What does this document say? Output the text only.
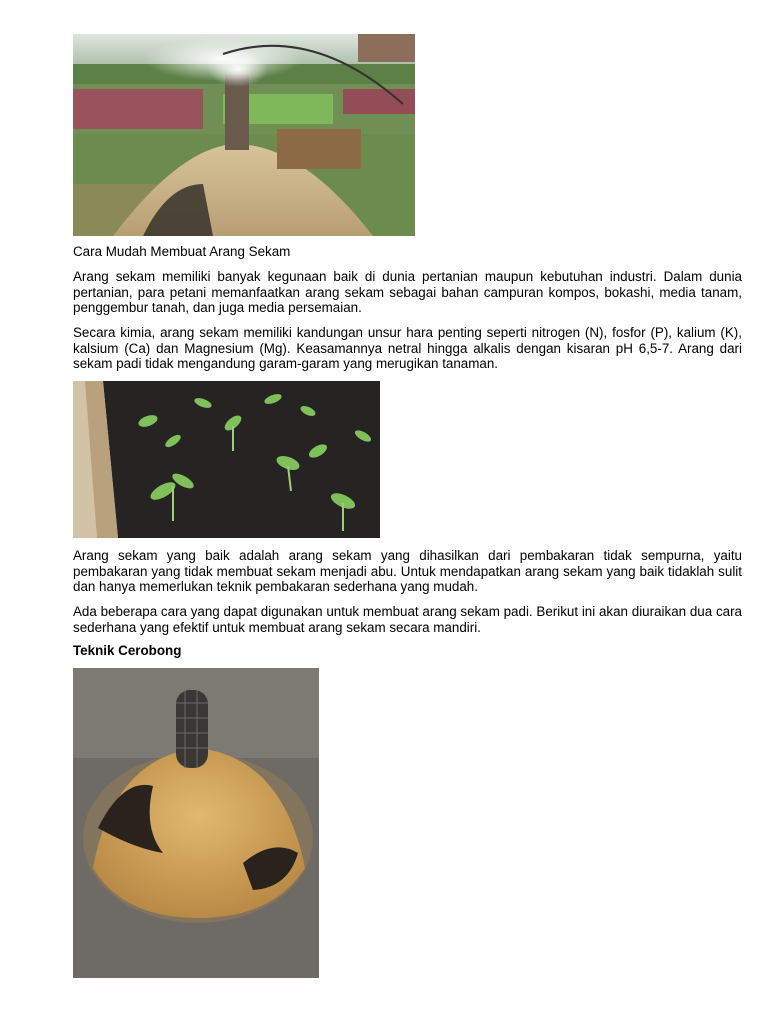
Cara Mudah Membuat Arang Sekam

Arang sekam memiliki banyak kegunaan baik di dunia pertanian maupun kebutuhan industri. Dalam dunia pertanian, para petani memanfaatkan arang sekam sebagai bahan campuran kompos, bokashi, media tanam, penggembur tanah, dan juga media persemaian.

Secara kimia, arang sekam memiliki kandungan unsur hara penting seperti nitrogen (N), fosfor (P), kalium (K), kalsium (Ca) dan Magnesium (Mg). Keasamannya netral hingga alkalis dengan kisaran pH 6,5-7. Arang dari sekam padi tidak mengandung garam-garam yang merugikan tanaman.

Arang sekam yang baik adalah arang sekam yang dihasilkan dari pembakaran tidak sempurna, yaitu pembakaran yang tidak membuat sekam menjadi abu. Untuk mendapatkan arang sekam yang baik tidaklah sulit dan hanya memerlukan teknik pembakaran sederhana yang mudah.

Ada beberapa cara yang dapat digunakan untuk membuat arang sekam padi. Berikut ini akan diuraikan dua cara sederhana yang efektif untuk membuat arang sekam secara mandiri.

Teknik Cerobong
